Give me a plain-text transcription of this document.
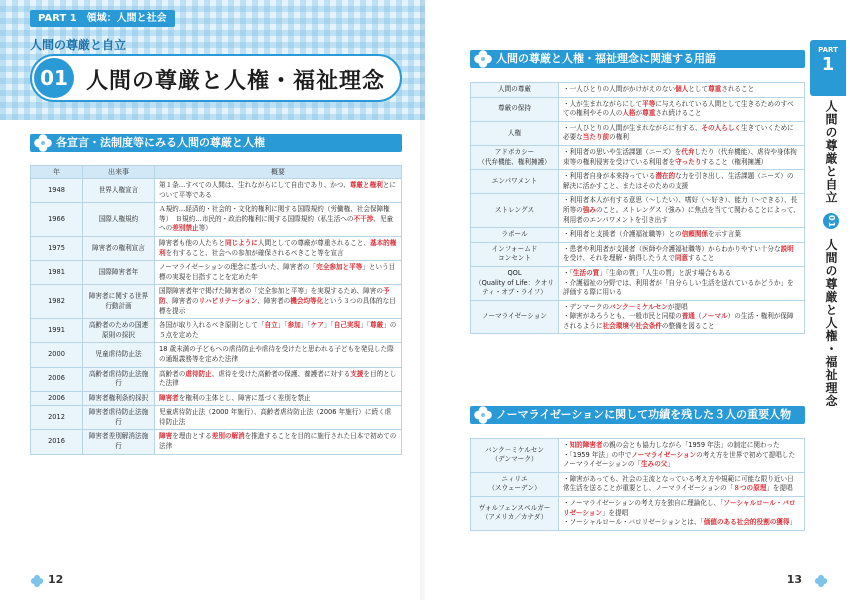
PART 1　領域：人間と社会
人間の尊厳と自立
01 人間の尊厳と人権・福祉理念
各宣言・法制度等にみる人間の尊厳と人権
年	出来事	概要
1948	世界人権宣言	第１条…すべての人間は、生れながらにして自由であり、かつ、尊厳と権利とについて平等である
1966	国際人権規約	Ａ規約…経済的・社会的・文化的権利に関する国際規約（労働権、社会保障権等）　Ｂ規約…市民的・政治的権利に関する国際規約（私生活への不干渉、児童への差別禁止等）
1975	障害者の権利宣言	障害者も他の人たちと同じように人間としての尊厳が尊重されること、基本的権利を有すること、社会への参加が確保されるべきこと等を宣言
1981	国際障害者年	ノーマライゼーションの理念に基づいた、障害者の「完全参加と平等」という目標の実現を目指すことを定めた年
1982	障害者に関する世界行動計画	国際障害者年で掲げた障害者の「完全参加と平等」を実現するため、障害の予防、障害者のリハビリテーション、障害者の機会均等化という３つの具体的な目標を提示
1991	高齢者のための国連原則の採択	各国が取り入れるべき原則として「自立」「参加」「ケア」「自己実現」「尊厳」の５点を定めた
2000	児童虐待防止法	18 歳未満の子どもへの虐待防止や虐待を受けたと思われる子どもを発見した際の通報義務等を定めた法律
2006	高齢者虐待防止法施行	高齢者の虐待防止、虐待を受けた高齢者の保護、養護者に対する支援を目的とした法律
2006	障害者権利条約採択	障害者を権利の主体とし、障害に基づく差別を禁止
2012	障害者虐待防止法施行	児童虐待防止法（2000 年施行）、高齢者虐待防止法（2006 年施行）に続く虐待防止法
2016	障害者差別解消法施行	障害を理由とする差別の解消を推進することを目的に施行された日本で初めての法律
12
人間の尊厳と人権・福祉理念に関連する用語
人間の尊厳	・一人ひとりの人間がかけがえのない個人として尊重されること

尊厳の保持	・人が生まれながらにして平等に与えられている人間として生きるためのすべての権利やその人の人格が尊重され続けること

人権	・一人ひとりの人間が生まれながらに有する、その人らしく生きていくために必要な当たり前の権利

アドボカシー
（代弁機能、権利擁護）	・利用者の思いや生活課題（ニーズ）を代弁したり（代弁機能）、虐待や身体拘束等の権利侵害を受けている利用者を守ったりすること（権利擁護）

エンパワメント	・利用者自身が本来持っている潜在的な力を引き出し、生活課題（ニーズ）の解決に活かすこと、またはそのための支援

ストレングス	・利用者本人が有する意思（～したい）、嗜好（～好き）、能力（～できる）、長所等の強みのこと。ストレングス（強み）に焦点を当てて関わることによって、利用者のエンパワメントを引き出す

ラポール	・利用者と支援者（介護福祉職等）との信頼関係を示す言葉

インフォームド
コンセント	・患者や利用者が支援者（医師や介護福祉職等）からわかりやすい十分な説明を受け、それを理解・納得したうえで同意すること

QOL
（Quality of Life：クオリティ・オブ・ライフ）	・「生活の質」「生命の質」「人生の質」と訳す場合もある
・介護福祉の分野では、利用者が「自分らしい生活を送れているかどうか」を評価する際に用いる

ノーマライゼーション	・デンマークのバンク－ミケルセンが提唱
・障害があろうとも、一般市民と同様の普通（ノーマル）の生活・権利が保障されるように社会環境や社会条件の整備を図ること
ノーマライゼーションに関して功績を残した３人の重要人物
バンク－ミケルセン
（デンマーク）	・知的障害者の親の会とも協力しながら「1959 年法」の制定に関わった
・「1959 年法」の中でノーマライゼーションの考え方を世界で初めて提唱したノーマライゼーションの「生みの父」

ニィリエ
（スウェーデン）	・障害があっても、社会の主流となっている考え方や規範に可能な限り近い日常生活を送ることが重要とし、ノーマライゼーションの「８つの原理」を提唱

ヴォルフェンスベルガー
（アメリカ／カナダ）	・ノーマライゼーションの考え方を独自に理論化し、「ソーシャルロール・バロリゼーション」を提唱
・ソーシャルロール・バロリゼーションとは、「価値のある社会的役割の獲得」
13
PART
1
人間の尊厳と自立 01 人間の尊厳と人権・福祉理念
